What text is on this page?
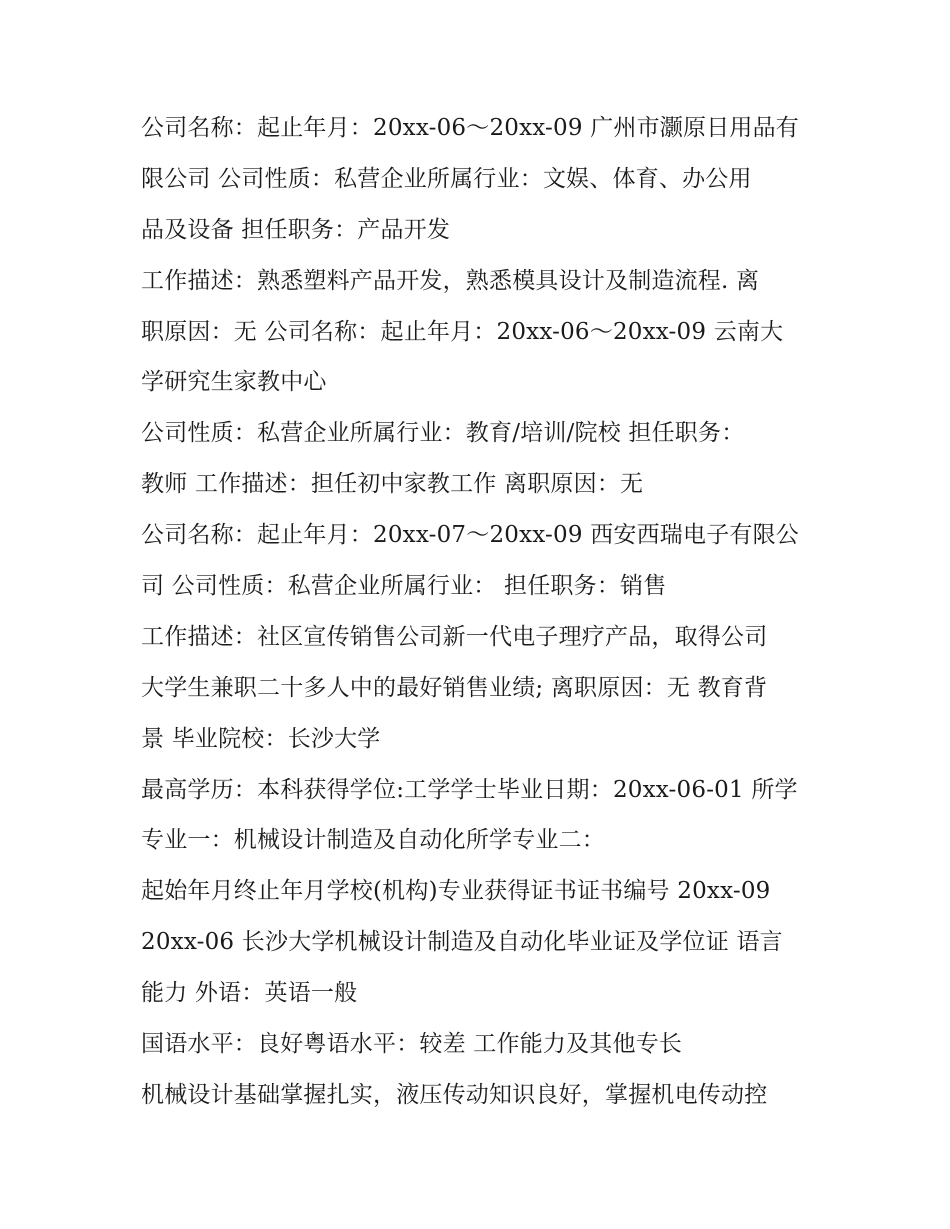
公司名称：起止年月：20xx-06～20xx-09 广州市灏原日用品有
限公司 公司性质：私营企业所属行业：文娱、体育、办公用
品及设备 担任职务：产品开发
工作描述：熟悉塑料产品开发，熟悉模具设计及制造流程. 离
职原因：无 公司名称：起止年月：20xx-06～20xx-09 云南大
学研究生家教中心
公司性质：私营企业所属行业：教育/培训/院校 担任职务：
教师 工作描述：担任初中家教工作 离职原因：无
公司名称：起止年月：20xx-07～20xx-09 西安西瑞电子有限公
司 公司性质：私营企业所属行业： 担任职务：销售
工作描述：社区宣传销售公司新一代电子理疗产品，取得公司
大学生兼职二十多人中的最好销售业绩; 离职原因：无 教育背
景 毕业院校：长沙大学
最高学历：本科获得学位:工学学士毕业日期：20xx-06-01 所学
专业一：机械设计制造及自动化所学专业二：
起始年月终止年月学校(机构)专业获得证书证书编号 20xx-09
20xx-06 长沙大学机械设计制造及自动化毕业证及学位证 语言
能力 外语：英语一般
国语水平：良好粤语水平：较差 工作能力及其他专长
机械设计基础掌握扎实，液压传动知识良好，掌握机电传动控
